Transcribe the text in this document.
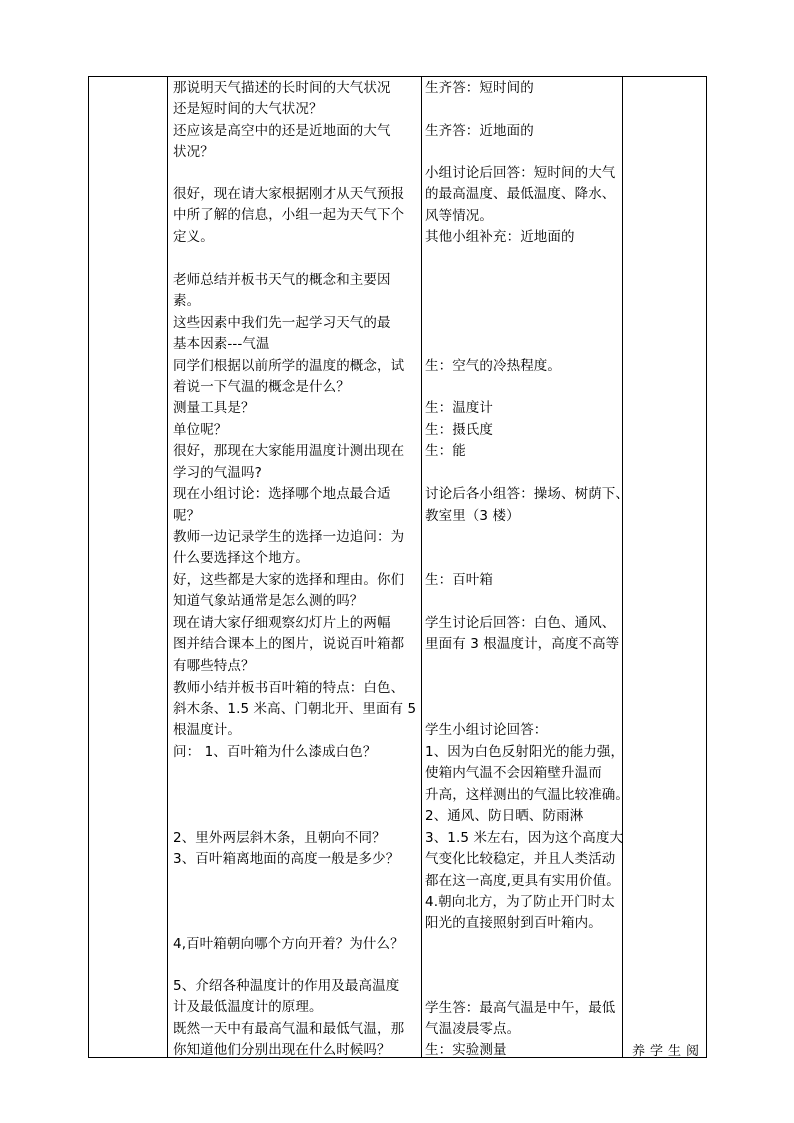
那说明天气描述的长时间的大气状况
还是短时间的大气状况？
还应该是高空中的还是近地面的大气
状况？
很好，现在请大家根据刚才从天气预报
中所了解的信息，小组一起为天气下个
定义。
老师总结并板书天气的概念和主要因
素。
这些因素中我们先一起学习天气的最
基本因素---气温
同学们根据以前所学的温度的概念，试
着说一下气温的概念是什么？
测量工具是？
单位呢？
很好，那现在大家能用温度计测出现在
学习的气温吗?
现在小组讨论：选择哪个地点最合适
呢？
教师一边记录学生的选择一边追问：为
什么要选择这个地方。
好，这些都是大家的选择和理由。你们
知道气象站通常是怎么测的吗？
现在请大家仔细观察幻灯片上的两幅
图并结合课本上的图片，说说百叶箱都
有哪些特点？
教师小结并板书百叶箱的特点：白色、
斜木条、1.5 米高、门朝北开、里面有 5
根温度计。
问： 1、百叶箱为什么漆成白色？
2、里外两层斜木条，且朝向不同？
3、百叶箱离地面的高度一般是多少？
4,百叶箱朝向哪个方向开着？为什么？
5、介绍各种温度计的作用及最高温度
计及最低温度计的原理。
既然一天中有最高气温和最低气温，那
你知道他们分别出现在什么时候吗？
生齐答：短时间的
生齐答：近地面的
小组讨论后回答：短时间的大气
的最高温度、最低温度、降水、
风等情况。
其他小组补充：近地面的
生：空气的冷热程度。
生：温度计
生：摄氏度
生：能
讨论后各小组答：操场、树荫下、
教室里（3 楼）
生：百叶箱
学生讨论后回答：白色、通风、
里面有 3 根温度计，高度不高等
学生小组讨论回答：
1、因为白色反射阳光的能力强，
使箱内气温不会因箱壁升温而
升高，这样测出的气温比较准确。
2、通风、防日晒、防雨淋
3、1.5 米左右，因为这个高度大
气变化比较稳定，并且人类活动
都在这一高度,更具有实用价值。
4.朝向北方，为了防止开门时太
阳光的直接照射到百叶箱内。
学生答：最高气温是中午，最低
气温凌晨零点。
生：实验测量	养学生阅
